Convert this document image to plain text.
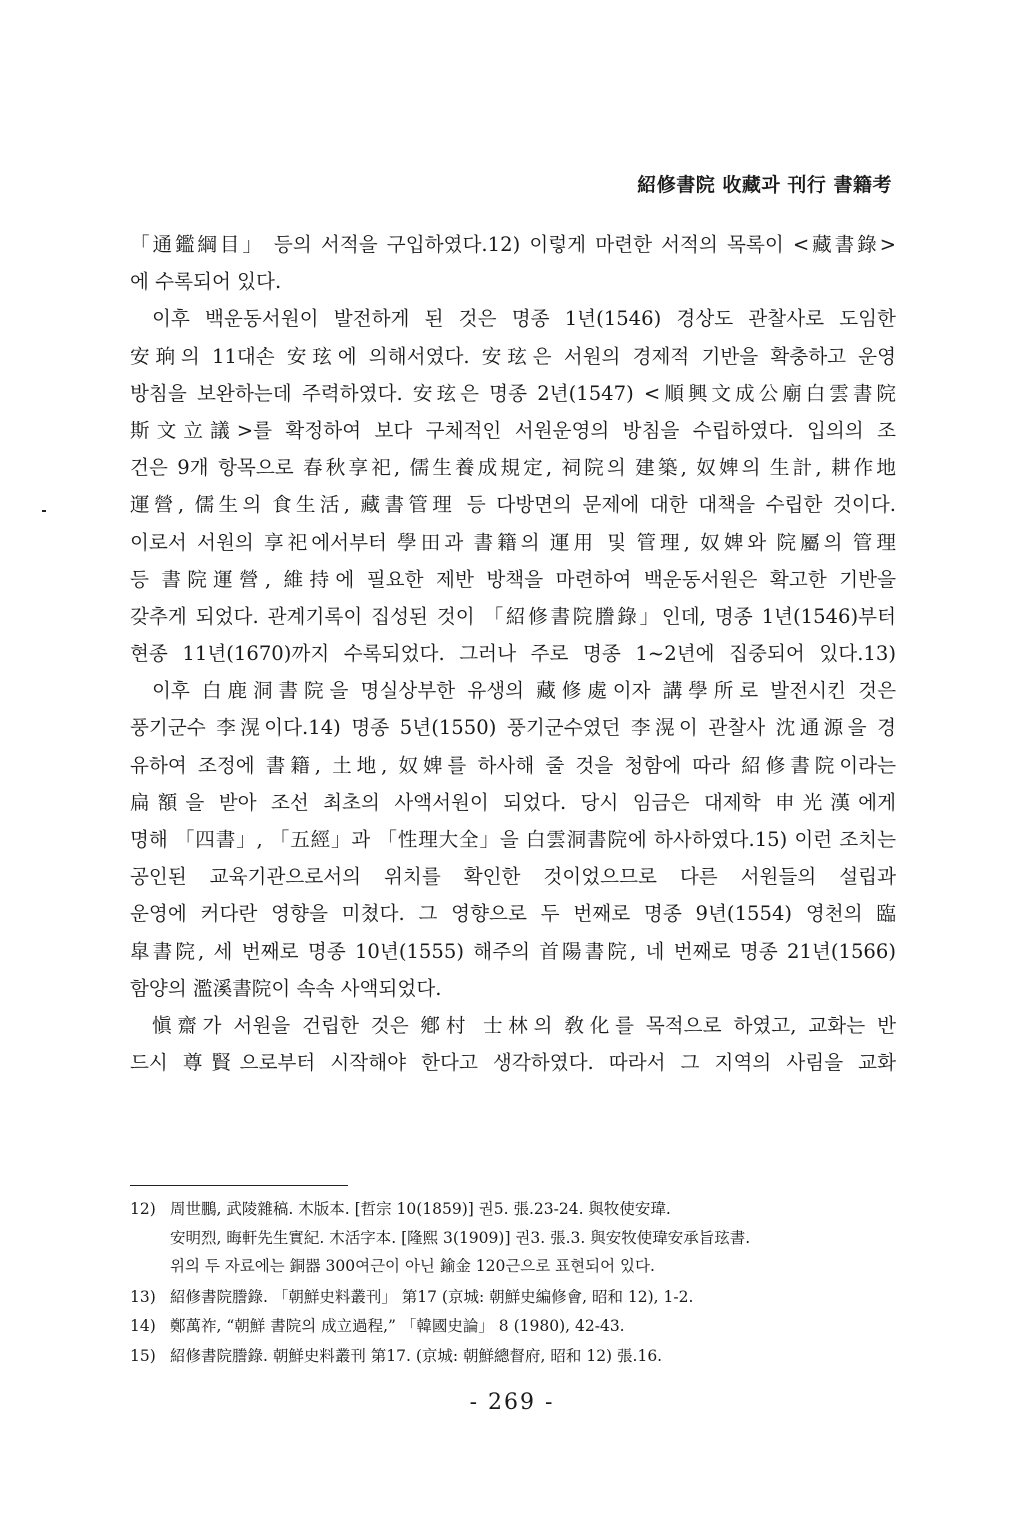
紹修書院 收藏과 刊行 書籍考
「通鑑綱目」 등의 서적을 구입하였다.12) 이렇게 마련한 서적의 목록이 <藏書錄>
에 수록되어 있다.
이후 백운동서원이 발전하게 된 것은 명종 1년(1546) 경상도 관찰사로 도임한
安珦의 11대손 安玹에 의해서였다. 安玹은 서원의 경제적 기반을 확충하고 운영
방침을 보완하는데 주력하였다. 安玹은 명종 2년(1547) <順興文成公廟白雲書院
斯文立議>를 확정하여 보다 구체적인 서원운영의 방침을 수립하였다. 입의의 조
건은 9개 항목으로 春秋享祀, 儒生養成規定, 祠院의 建築, 奴婢의 生計, 耕作地
運營, 儒生의 食生活, 藏書管理 등 다방면의 문제에 대한 대책을 수립한 것이다.
이로서 서원의 享祀에서부터 學田과 書籍의 運用 및 管理, 奴婢와 院屬의 管理
등 書院運營, 維持에 필요한 제반 방책을 마련하여 백운동서원은 확고한 기반을
갖추게 되었다. 관계기록이 집성된 것이 「紹修書院謄錄」인데, 명종 1년(1546)부터
현종 11년(1670)까지 수록되었다. 그러나 주로 명종 1~2년에 집중되어 있다.13)
이후 白鹿洞書院을 명실상부한 유생의 藏修處이자 講學所로 발전시킨 것은
풍기군수 李滉이다.14) 명종 5년(1550) 풍기군수였던 李滉이 관찰사 沈通源을 경
유하여 조정에 書籍, 土地, 奴婢를 하사해 줄 것을 청함에 따라 紹修書院이라는
扁額을 받아 조선 최초의 사액서원이 되었다. 당시 임금은 대제학 申光漢에게
명해 「四書」, 「五經」과 「性理大全」을 白雲洞書院에 하사하였다.15) 이런 조치는
공인된 교육기관으로서의 위치를 확인한 것이었으므로 다른 서원들의 설립과
운영에 커다란 영향을 미쳤다. 그 영향으로 두 번째로 명종 9년(1554) 영천의 臨
皐書院, 세 번째로 명종 10년(1555) 해주의 首陽書院, 네 번째로 명종 21년(1566)
함양의 濫溪書院이 속속 사액되었다.
愼齋가 서원을 건립한 것은 鄕村 士林의 敎化를 목적으로 하였고, 교화는 반
드시 尊賢으로부터 시작해야 한다고 생각하였다. 따라서 그 지역의 사림을 교화
12) 周世鵬, 武陵雜稿. 木版本. [哲宗 10(1859)] 권5. 張.23-24. 與牧使安瑋.
安明烈, 晦軒先生實紀. 木活字本. [隆熙 3(1909)] 권3. 張.3. 與安牧使瑋安承旨玹書.
위의 두 자료에는 銅器 300여근이 아닌 鍮金 120근으로 표현되어 있다.
13) 紹修書院謄錄. 「朝鮮史料叢刊」 第17 (京城: 朝鮮史編修會, 昭和 12), 1-2.
14) 鄭萬祚, “朝鮮 書院의 成立過程,” 「韓國史論」 8 (1980), 42-43.
15) 紹修書院謄錄. 朝鮮史料叢刊 第17. (京城: 朝鮮總督府, 昭和 12) 張.16.
- 269 -
